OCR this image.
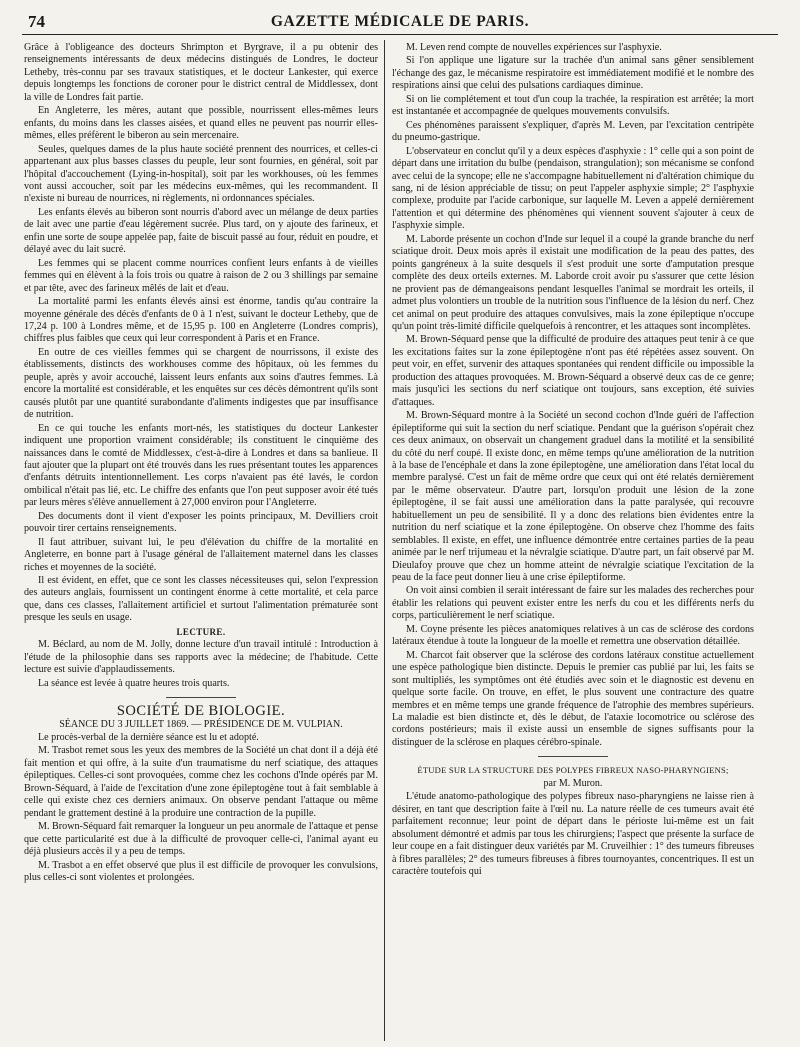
74	GAZETTE MÉDICALE DE PARIS.

Grâce à l'obligeance des docteurs Shrimpton et Byrgrave, il a pu obtenir des renseignements intéressants de deux médecins distingués de Londres, le docteur Letheby, très-connu par ses travaux statistiques, et le docteur Lankester, qui exerce depuis longtemps les fonctions de coroner pour le district central de Middlessex, dont la ville de Londres fait partie.

En Angleterre, les mères, autant que possible, nourrissent elles-mêmes leurs enfants, du moins dans les classes aisées, et quand elles ne peuvent pas nourrir elles-mêmes, elles préfèrent le biberon au sein mercenaire.

Seules, quelques dames de la plus haute société prennent des nourrices, et celles-ci appartenant aux plus basses classes du peuple, leur sont fournies, en général, soit par l'hôpital d'accouchement (Lying-in-hospital), soit par les workhouses, où les femmes vont aussi accoucher, soit par les médecins eux-mêmes, qui les recommandent. Il n'existe ni bureau de nourrices, ni règlements, ni ordonnances spéciales.

Les enfants élevés au biberon sont nourris d'abord avec un mélange de deux parties de lait avec une partie d'eau légèrement sucrée. Plus tard, on y ajoute des farineux, et enfin une sorte de soupe appelée pap, faite de biscuit passé au four, réduit en poudre, et délayé avec du lait sucré.

Les femmes qui se placent comme nourrices confient leurs enfants à de vieilles femmes qui en élèvent à la fois trois ou quatre à raison de 2 ou 3 shillings par semaine et par tête, avec des farineux mêlés de lait et d'eau.

La mortalité parmi les enfants élevés ainsi est énorme, tandis qu'au contraire la moyenne générale des décès d'enfants de 0 à 1 n'est, suivant le docteur Letheby, que de 17,24 p. 100 à Londres même, et de 15,95 p. 100 en Angleterre (Londres compris), chiffres plus faibles que ceux qui leur correspondent à Paris et en France.

En outre de ces vieilles femmes qui se chargent de nourrissons, il existe des établissements, distincts des workhouses comme des hôpitaux, où les femmes du peuple, après y avoir accouché, laissent leurs enfants aux soins d'autres femmes. Là encore la mortalité est considérable, et les enquêtes sur ces décès démontrent qu'ils sont causés plutôt par une quantité surabondante d'aliments indigestes que par insuffisance de nutrition.

En ce qui touche les enfants mort-nés, les statistiques du docteur Lankester indiquent une proportion vraiment considérable; ils constituent le cinquième des naissances dans le comté de Middlessex, c'est-à-dire à Londres et dans sa banlieue. Il faut ajouter que la plupart ont été trouvés dans les rues présentant toutes les apparences d'enfants détruits intentionnellement. Les corps n'avaient pas été lavés, le cordon ombilical n'était pas lié, etc. Le chiffre des enfants que l'on peut supposer avoir été tués par leurs mères s'élève annuellement à 27,000 environ pour l'Angleterre.

Des documents dont il vient d'exposer les points principaux, M. Devilliers croit pouvoir tirer certains renseignements.

Il faut attribuer, suivant lui, le peu d'élévation du chiffre de la mortalité en Angleterre, en bonne part à l'usage général de l'allaitement maternel dans les classes riches et moyennes de la société.

Il est évident, en effet, que ce sont les classes nécessiteuses qui, selon l'expression des auteurs anglais, fournissent un contingent énorme à cette mortalité, et cela parce que, dans ces classes, l'allaitement artificiel et surtout l'alimentation prématurée sont presque les seuls en usage.

LECTURE.

M. Béclard, au nom de M. Jolly, donne lecture d'un travail intitulé : Introduction à l'étude de la philosophie dans ses rapports avec la médecine; de l'habitude. Cette lecture est suivie d'applaudissements.

La séance est levée à quatre heures trois quarts.

SOCIÉTÉ DE BIOLOGIE.

SÉANCE DU 3 JUILLET 1869. — PRÉSIDENCE DE M. VULPIAN.

Le procès-verbal de la dernière séance est lu et adopté.

M. Trasbot remet sous les yeux des membres de la Société un chat dont il a déjà été fait mention et qui offre, à la suite d'un traumatisme du nerf sciatique, des attaques épileptiques. Celles-ci sont provoquées, comme chez les cochons d'Inde opérés par M. Brown-Séquard, à l'aide de l'excitation d'une zone épileptogène tout à fait semblable à celle qui existe chez ces derniers animaux. On observe pendant l'attaque ou même pendant le grattement destiné à la produire une contraction de la pupille.

M. Brown-Séquard fait remarquer la longueur un peu anormale de l'attaque et pense que cette particularité est due à la difficulté de provoquer celle-ci, l'animal ayant eu déjà plusieurs accès il y a peu de temps.

M. Trasbot a en effet observé que plus il est difficile de provoquer les convulsions, plus celles-ci sont violentes et prolongées.

M. Leven rend compte de nouvelles expériences sur l'asphyxie.

Si l'on applique une ligature sur la trachée d'un animal sans gêner sensiblement l'échange des gaz, le mécanisme respiratoire est immédiatement modifié et le nombre des respirations ainsi que celui des pulsations cardiaques diminue.

Si on lie complétement et tout d'un coup la trachée, la respiration est arrêtée; la mort est instantanée et accompagnée de quelques mouvements convulsifs.

Ces phénomènes paraissent s'expliquer, d'après M. Leven, par l'excitation centripète du pneumo-gastrique.

L'observateur en conclut qu'il y a deux espèces d'asphyxie : 1° celle qui a son point de départ dans une irritation du bulbe (pendaison, strangulation); son mécanisme se confond avec celui de la syncope; elle ne s'accompagne habituellement ni d'altération chimique du sang, ni de lésion appréciable de tissu; on peut l'appeler asphyxie simple; 2° l'asphyxie complexe, produite par l'acide carbonique, sur laquelle M. Leven a appelé dernièrement l'attention et qui détermine des phénomènes qui viennent souvent s'ajouter à ceux de l'asphyxie simple.

M. Laborde présente un cochon d'Inde sur lequel il a coupé la grande branche du nerf sciatique droit. Deux mois après il existait une modification de la peau des pattes, des points gangréneux à la suite desquels il s'est produit une sorte d'amputation presque complète des deux orteils externes. M. Laborde croit avoir pu s'assurer que cette lésion ne provient pas de démangeaisons pendant lesquelles l'animal se mordrait les orteils, il admet plus volontiers un trouble de la nutrition sous l'influence de la lésion du nerf. Chez cet animal on peut produire des attaques convulsives, mais la zone épileptique n'occupe qu'un point très-limité difficile quelquefois à rencontrer, et les attaques sont incomplètes.

M. Brown-Séquard pense que la difficulté de produire des attaques peut tenir à ce que les excitations faites sur la zone épileptogène n'ont pas été répétées assez souvent. On peut voir, en effet, survenir des attaques spontanées qui rendent difficile ou impossible la production des attaques provoquées. M. Brown-Séquard a observé deux cas de ce genre; mais jusqu'ici les sections du nerf sciatique ont toujours, sans exception, été suivies d'attaques.

M. Brown-Séquard montre à la Société un second cochon d'Inde guéri de l'affection épileptiforme qui suit la section du nerf sciatique. Pendant que la guérison s'opérait chez ces deux animaux, on observait un changement graduel dans la motilité et la sensibilité du côté du nerf coupé. Il existe donc, en même temps qu'une amélioration de la nutrition à la base de l'encéphale et dans la zone épileptogène, une amélioration dans l'état local du membre paralysé. C'est un fait de même ordre que ceux qui ont été relatés dernièrement par le même observateur. D'autre part, lorsqu'on produit une lésion de la zone épileptogène, il se fait aussi une amélioration dans la patte paralysée, qui recouvre habituellement un peu de sensibilité. Il y a donc des relations bien évidentes entre la nutrition du nerf sciatique et la zone épileptogène. On observe chez l'homme des faits semblables. Il existe, en effet, une influence démontrée entre certaines parties de la peau animée par le nerf trijumeau et la névralgie sciatique. D'autre part, un fait observé par M. Dieulafoy prouve que chez un homme atteint de névralgie sciatique l'excitation de la peau de la face peut donner lieu à une crise épileptiforme.

On voit ainsi combien il serait intéressant de faire sur les malades des recherches pour établir les relations qui peuvent exister entre les nerfs du cou et les différents nerfs du corps, particulièrement le nerf sciatique.

M. Coyne présente les pièces anatomiques relatives à un cas de sclérose des cordons latéraux étendue à toute la longueur de la moelle et remettra une observation détaillée.

M. Charcot fait observer que la sclérose des cordons latéraux constitue actuellement une espèce pathologique bien distincte. Depuis le premier cas publié par lui, les faits se sont multipliés, les symptômes ont été étudiés avec soin et le diagnostic est devenu en quelque sorte facile. On trouve, en effet, le plus souvent une contracture des quatre membres et en même temps une grande fréquence de l'atrophie des membres supérieurs. La maladie est bien distincte et, dès le début, de l'ataxie locomotrice ou sclérose des cordons postérieurs; mais il existe aussi un ensemble de signes suffisants pour la distinguer de la sclérose en plaques cérébro-spinale.

ÉTUDE SUR LA STRUCTURE DES POLYPES FIBREUX NASO-PHARYNGIENS;

par M. Muron.

L'étude anatomo-pathologique des polypes fibreux naso-pharyngiens ne laisse rien à désirer, en tant que description faite à l'œil nu. La nature réelle de ces tumeurs avait été parfaitement reconnue; leur point de départ dans le périoste lui-même est un fait absolument démontré et admis par tous les chirurgiens; l'aspect que présente la surface de leur coupe en a fait distinguer deux variétés par M. Cruveilhier : 1° des tumeurs fibreuses à fibres parallèles; 2° des tumeurs fibreuses à fibres tournoyantes, concentriques. Il est un caractère toutefois qui
